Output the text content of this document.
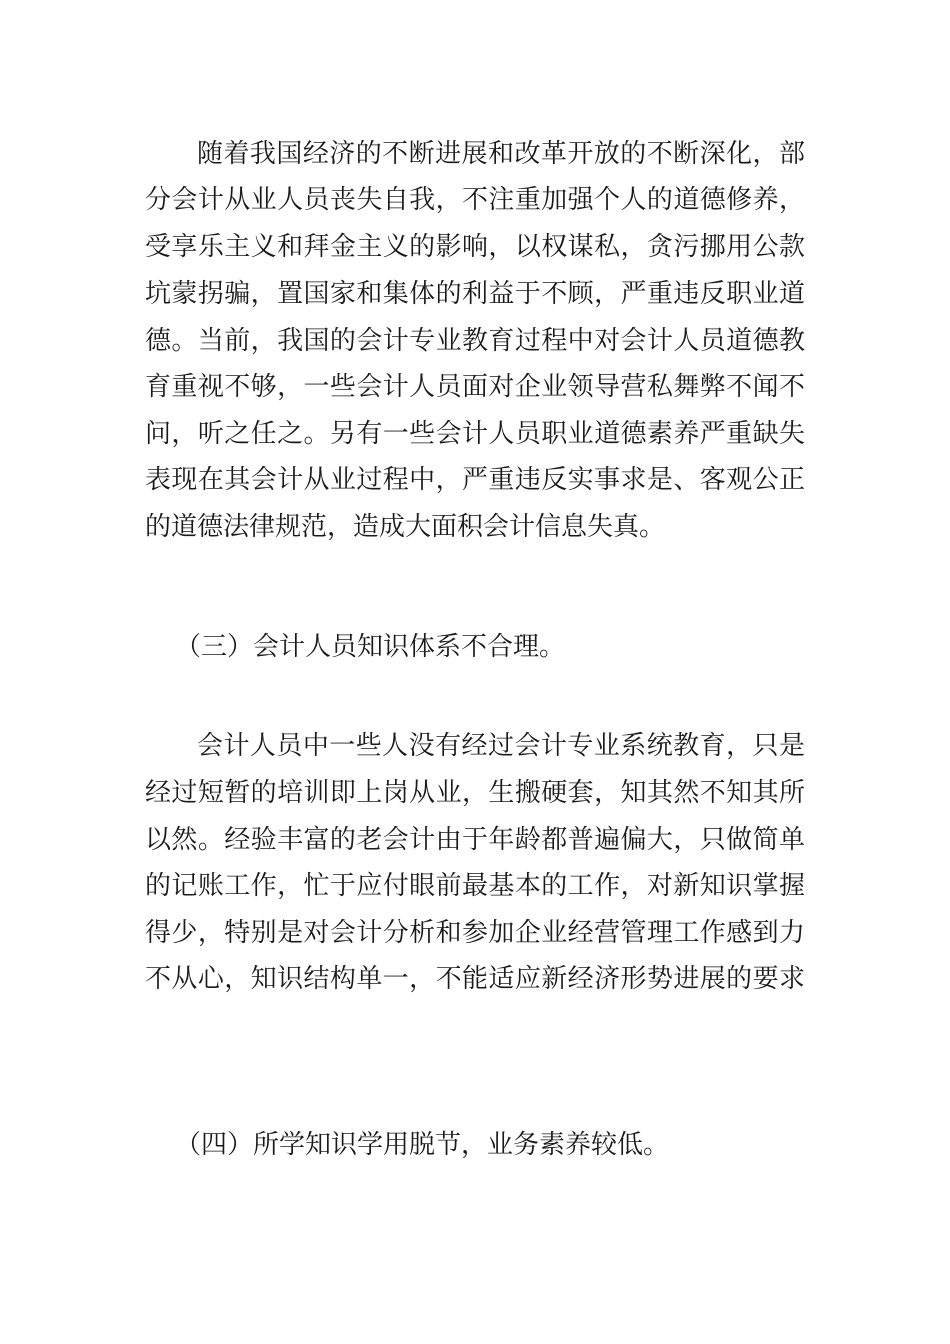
随着我国经济的不断进展和改革开放的不断深化，部
分会计从业人员丧失自我，不注重加强个人的道德修养，
受享乐主义和拜金主义的影响，以权谋私，贪污挪用公款
坑蒙拐骗，置国家和集体的利益于不顾，严重违反职业道
德。当前，我国的会计专业教育过程中对会计人员道德教
育重视不够，一些会计人员面对企业领导营私舞弊不闻不
问，听之任之。另有一些会计人员职业道德素养严重缺失
表现在其会计从业过程中，严重违反实事求是、客观公正
的道德法律规范，造成大面积会计信息失真。
（三）会计人员知识体系不合理。
会计人员中一些人没有经过会计专业系统教育，只是
经过短暂的培训即上岗从业，生搬硬套，知其然不知其所
以然。经验丰富的老会计由于年龄都普遍偏大，只做简单
的记账工作，忙于应付眼前最基本的工作，对新知识掌握
得少，特别是对会计分析和参加企业经营管理工作感到力
不从心，知识结构单一，不能适应新经济形势进展的要求
（四）所学知识学用脱节，业务素养较低。
